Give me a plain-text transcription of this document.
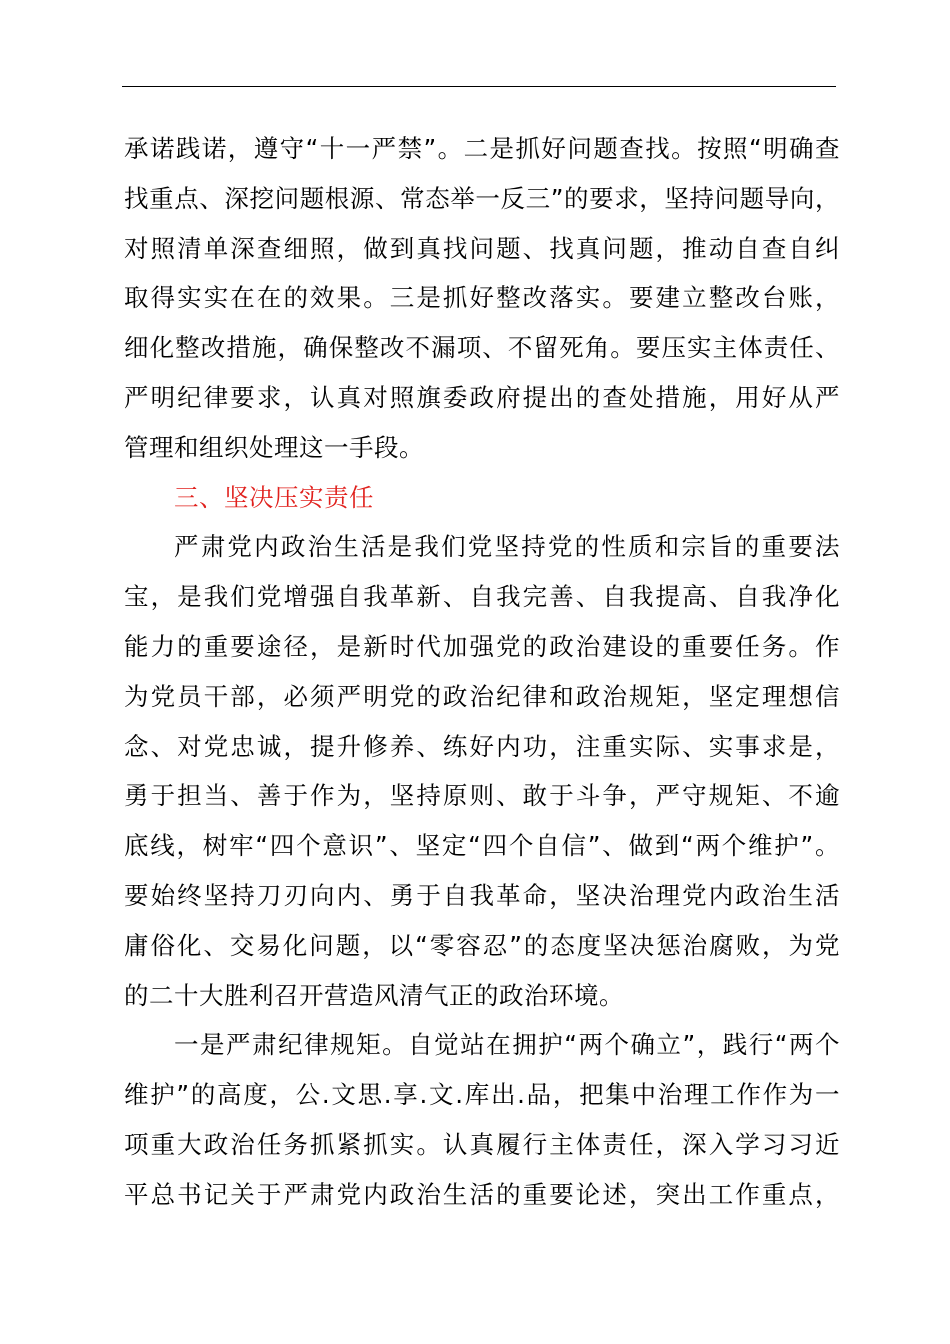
承诺践诺，遵守“十一严禁”。二是抓好问题查找。按照“明确查
找重点、深挖问题根源、常态举一反三”的要求，坚持问题导向，
对照清单深查细照，做到真找问题、找真问题，推动自查自纠
取得实实在在的效果。三是抓好整改落实。要建立整改台账，
细化整改措施，确保整改不漏项、不留死角。要压实主体责任、
严明纪律要求，认真对照旗委政府提出的查处措施，用好从严
管理和组织处理这一手段。
三、坚决压实责任
严肃党内政治生活是我们党坚持党的性质和宗旨的重要法
宝，是我们党增强自我革新、自我完善、自我提高、自我净化
能力的重要途径，是新时代加强党的政治建设的重要任务。作
为党员干部，必须严明党的政治纪律和政治规矩，坚定理想信
念、对党忠诚，提升修养、练好内功，注重实际、实事求是，
勇于担当、善于作为，坚持原则、敢于斗争，严守规矩、不逾
底线，树牢“四个意识”、坚定“四个自信”、做到“两个维护”。
要始终坚持刀刃向内、勇于自我革命，坚决治理党内政治生活
庸俗化、交易化问题，以“零容忍”的态度坚决惩治腐败，为党
的二十大胜利召开营造风清气正的政治环境。
一是严肃纪律规矩。自觉站在拥护“两个确立”，践行“两个
维护”的高度，公.文思.享.文.库出.品，把集中治理工作作为一
项重大政治任务抓紧抓实。认真履行主体责任，深入学习习近
平总书记关于严肃党内政治生活的重要论述，突出工作重点，
